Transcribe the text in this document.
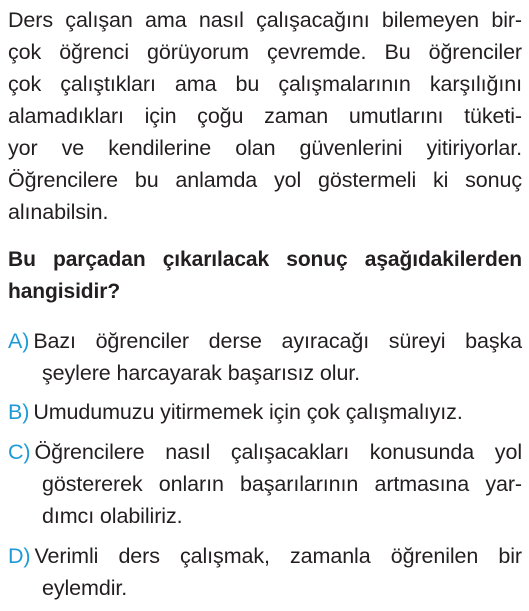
Ders çalışan ama nasıl çalışacağını bilemeyen bir-
çok öğrenci görüyorum çevremde. Bu öğrenciler
çok çalıştıkları ama bu çalışmalarının karşılığını
alamadıkları için çoğu zaman umutlarını tüketi-
yor ve kendilerine olan güvenlerini yitiriyorlar.
Öğrencilere bu anlamda yol göstermeli ki sonuç
alınabilsin.
Bu parçadan çıkarılacak sonuç aşağıdakilerden
hangisidir?
A) Bazı öğrenciler derse ayıracağı süreyi başka
şeylere harcayarak başarısız olur.
B) Umudumuzu yitirmemek için çok çalışmalıyız.
C) Öğrencilere nasıl çalışacakları konusunda yol
göstererek onların başarılarının artmasına yar-
dımcı olabiliriz.
D) Verimli ders çalışmak, zamanla öğrenilen bir
eylemdir.
